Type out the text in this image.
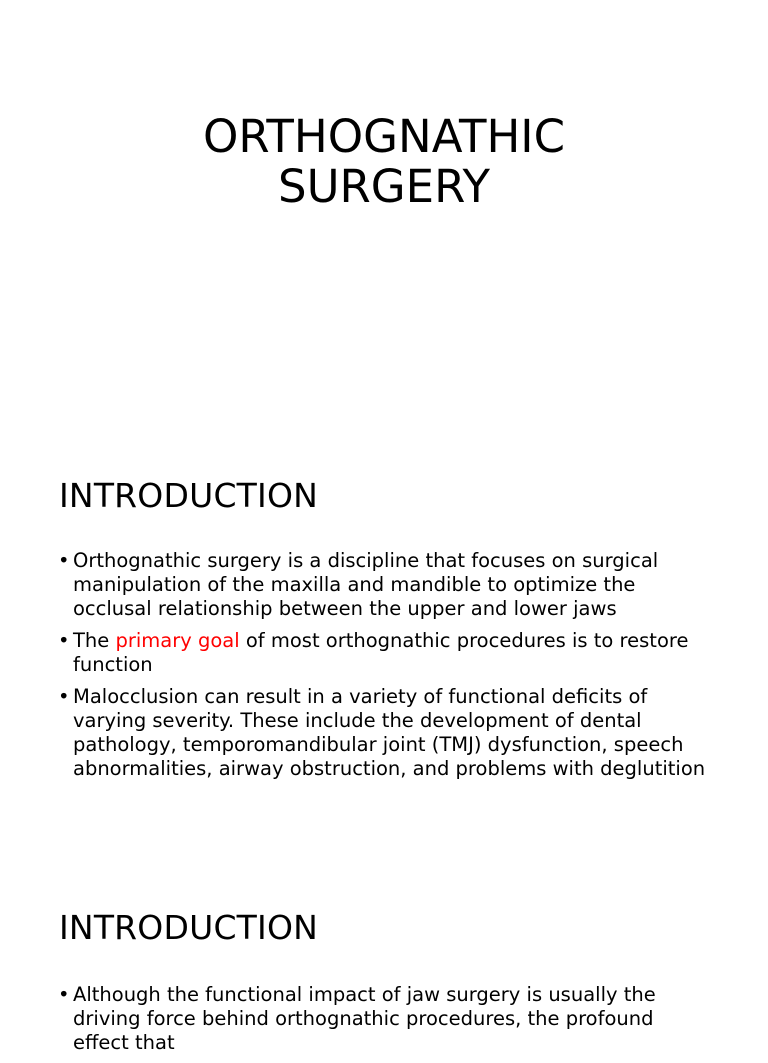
ORTHOGNATHIC
SURGERY
INTRODUCTION
• Orthognathic surgery is a discipline that focuses on surgical manipulation of the maxilla and mandible to optimize the occlusal relationship between the upper and lower jaws
• The primary goal of most orthognathic procedures is to restore function
• Malocclusion can result in a variety of functional deficits of varying severity. These include the development of dental pathology, temporomandibular joint (TMJ) dysfunction, speech abnormalities, airway obstruction, and problems with deglutition
INTRODUCTION
• Although the functional impact of jaw surgery is usually the driving force behind orthognathic procedures, the profound effect that
